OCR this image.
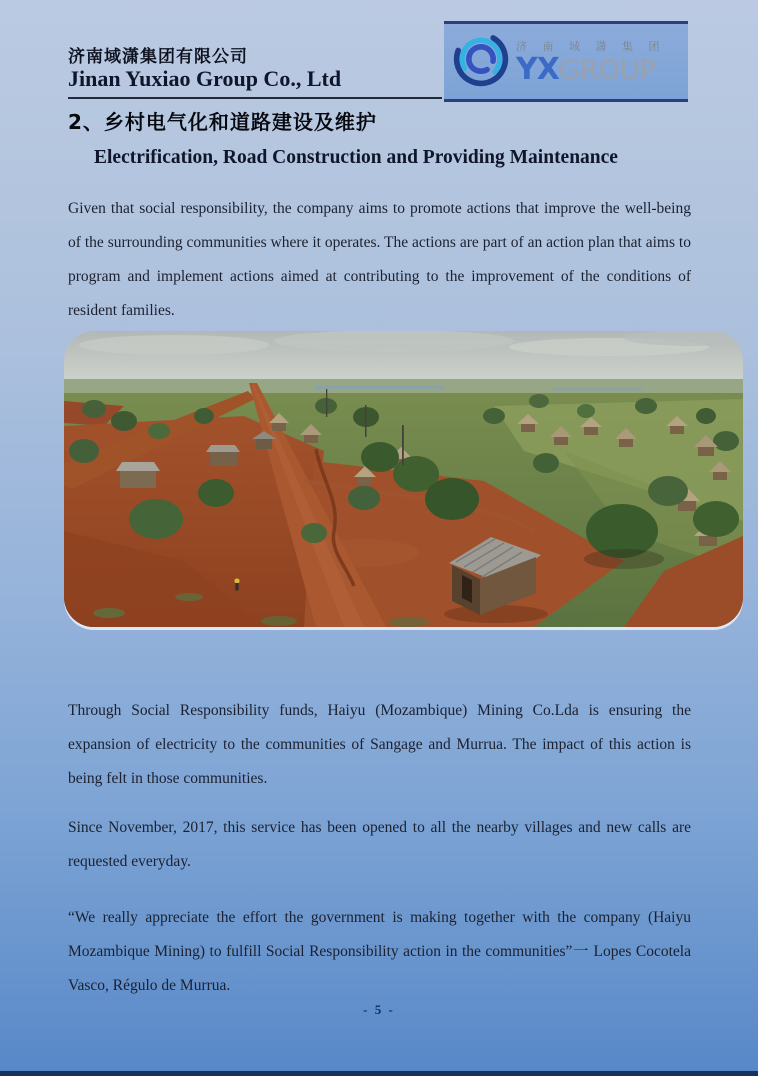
济南域潇集团有限公司
Jinan Yuxiao Group Co., Ltd
济 南 域 潇 集 团
YX GROUP
2、乡村电气化和道路建设及维护
Electrification, Road Construction and Providing Maintenance

Given that social responsibility, the company aims to promote actions that improve the well-being of the surrounding communities where it operates. The actions are part of an action plan that aims to program and implement actions aimed at contributing to the improvement of the conditions of resident families.

Through Social Responsibility funds, Haiyu (Mozambique) Mining Co.Lda is ensuring the expansion of electricity to the communities of Sangage and Murrua. The impact of this action is being felt in those communities.

Since November, 2017, this service has been opened to all the nearby villages and new calls are requested everyday.

“We really appreciate the effort the government is making together with the company (Haiyu Mozambique Mining) to fulfill Social Responsibility action in the communities”一 Lopes Cocotela Vasco, Régulo de Murrua.

- 5 -
